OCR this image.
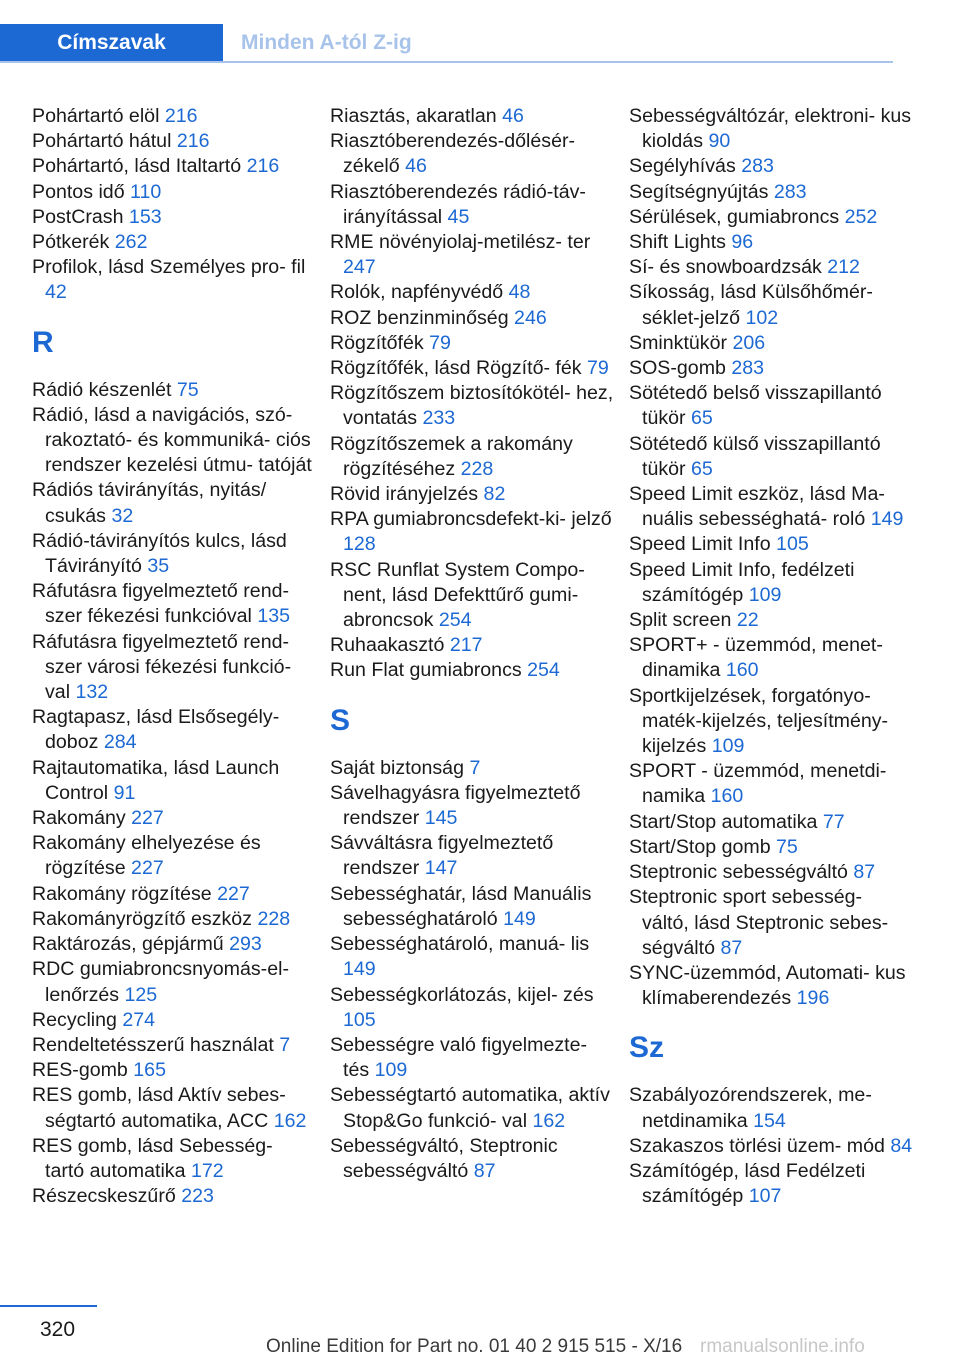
Címszavak	Minden A-tól Z-ig
Pohártartó elöl 216
Pohártartó hátul 216
Pohártartó, lásd Italtartó 216
Pontos idő 110
PostCrash 153
Pótkerék 262
Profilok, lásd Személyes pro‐ fil 42
R
Rádió készenlét 75
Rádió, lásd a navigációs, szó‐ rakoztató- és kommuniká‐ ciós rendszer kezelési útmu‐ tatóját
Rádiós távirányítás, nyitás/ csukás 32
Rádió-távirányítós kulcs, lásd Távirányító 35
Ráfutásra figyelmeztető rend‐ szer fékezési funkcióval 135
Ráfutásra figyelmeztető rend‐ szer városi fékezési funkció‐ val 132
Ragtapasz, lásd Elsősegély- doboz 284
Rajtautomatika, lásd Launch Control 91
Rakomány 227
Rakomány elhelyezése és rögzítése 227
Rakomány rögzítése 227
Rakományrögzítő eszköz 228
Raktározás, gépjármű 293
RDC gumiabroncsnyomás-el‐ lenőrzés 125
Recycling 274
Rendeltetésszerű használat 7
RES-gomb 165
RES gomb, lásd Aktív sebes‐ ségtartó automatika, ACC 162
RES gomb, lásd Sebesség‐ tartó automatika 172
Részecskeszűrő 223
Riasztás, akaratlan 46
Riasztóberendezés-dőlésér‐ zékelő 46
Riasztóberendezés rádió-táv‐ irányítással 45
RME növényiolaj-metilész‐ ter 247
Rolók, napfényvédő 48
ROZ benzinminőség 246
Rögzítőfék 79
Rögzítőfék, lásd Rögzítő‐ fék 79
Rögzítőszem biztosítókötél‐ hez, vontatás 233
Rögzítőszemek a rakomány rögzítéséhez 228
Rövid irányjelzés 82
RPA gumiabroncsdefekt-ki‐ jelző 128
RSC Runflat System Compo‐ nent, lásd Defekttűrő gumi‐ abroncsok 254
Ruhaakasztó 217
Run Flat gumiabroncs 254
S
Saját biztonság 7
Sávelhagyásra figyelmeztető rendszer 145
Sávváltásra figyelmeztető rendszer 147
Sebességhatár, lásd Manuális sebességhatároló 149
Sebességhatároló, manuá‐ lis 149
Sebességkorlátozás, kijel‐ zés 105
Sebességre való figyelmezte‐ tés 109
Sebességtartó automatika, aktív Stop&Go funkció‐ val 162
Sebességváltó, Steptronic sebességváltó 87
Sebességváltózár, elektroni‐ kus kioldás 90
Segélyhívás 283
Segítségnyújtás 283
Sérülések, gumiabroncs 252
Shift Lights 96
Sí- és snowboardzsák 212
Síkosság, lásd Külsőhőmér‐ séklet-jelző 102
Sminktükör 206
SOS-gomb 283
Sötétedő belső visszapillantó tükör 65
Sötétedő külső visszapillantó tükör 65
Speed Limit eszköz, lásd Ma‐ nuális sebességhatá‐ roló 149
Speed Limit Info 105
Speed Limit Info, fedélzeti számítógép 109
Split screen 22
SPORT+ - üzemmód, menet‐ dinamika 160
Sportkijelzések, forgatónyo‐ maték-kijelzés, teljesítmény- kijelzés 109
SPORT - üzemmód, menetdi‐ namika 160
Start/Stop automatika 77
Start/Stop gomb 75
Steptronic sebességváltó 87
Steptronic sport sebesség‐ váltó, lásd Steptronic sebes‐ ségváltó 87
SYNC-üzemmód, Automati‐ kus klímaberendezés 196
Sz
Szabályozórendszerek, me‐ netdinamika 154
Szakaszos törlési üzem‐ mód 84
Számítógép, lásd Fedélzeti számítógép 107
320
Online Edition for Part no. 01 40 2 915 515 - X/16 rmanualsonline.info
